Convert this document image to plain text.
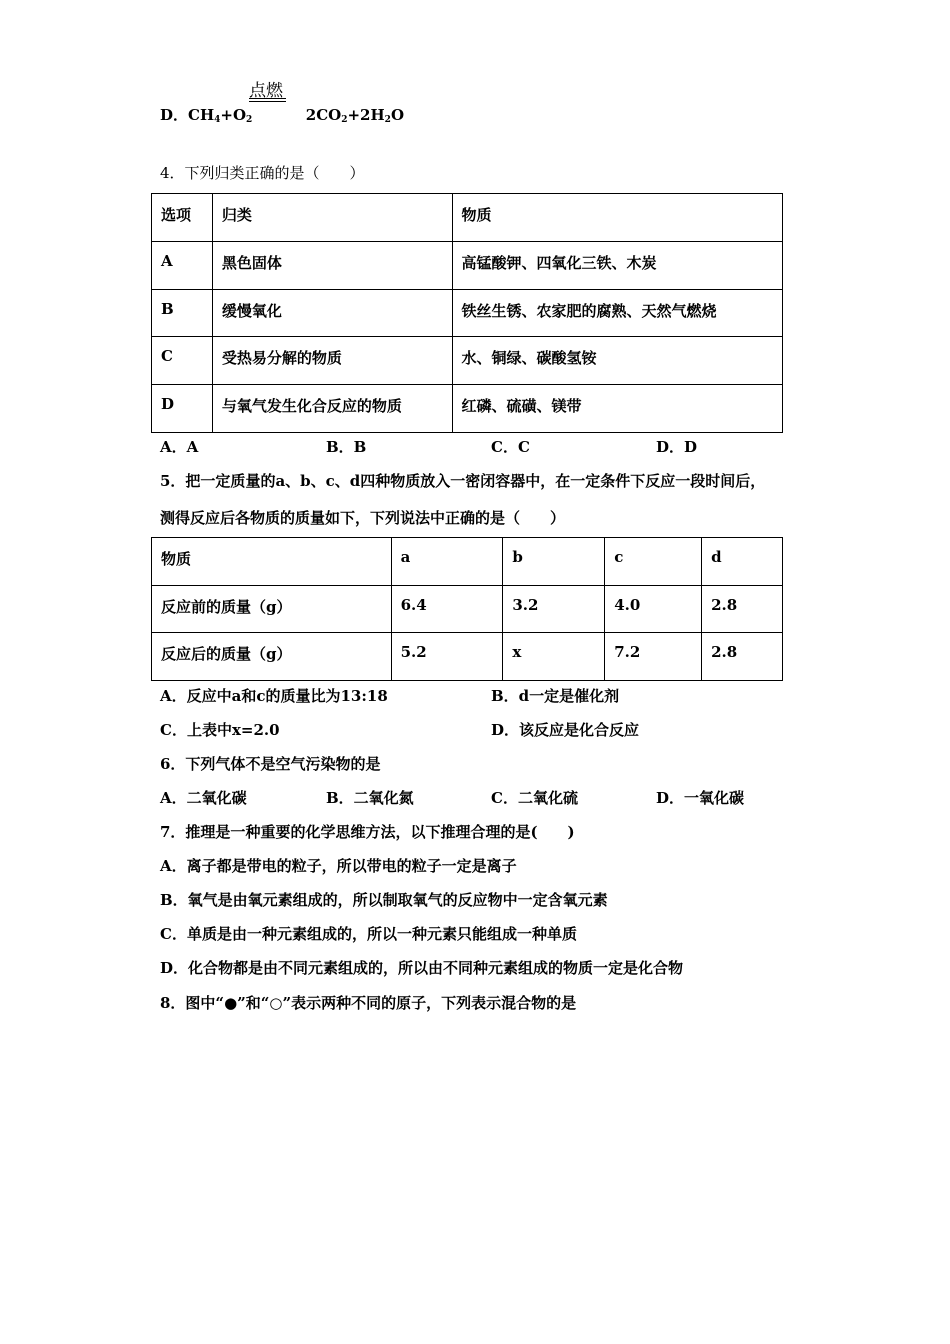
点燃
D．$CH_4+O_2$	$2CO_2+2H_2O$
4．下列归类正确的是（　　）
选项	归类	物质
A	黑色固体	高锰酸钾、四氧化三铁、木炭
B	缓慢氧化	铁丝生锈、农家肥的腐熟、天然气燃烧
C	受热易分解的物质	水、铜绿、碳酸氢铵
D	与氧气发生化合反应的物质	红磷、硫磺、镁带
A．A	B．B	C．C	D．D
5．把一定质量的a、b、c、d四种物质放入一密闭容器中，在一定条件下反应一段时间后，
测得反应后各物质的质量如下，下列说法中正确的是（　　）
物质	a	b	c	d
反应前的质量（g）	6.4	3.2	4.0	2.8
反应后的质量（g）	5.2	x	7.2	2.8
A．反应中a和c的质量比为13:18	B．d一定是催化剂
C．上表中x=2.0	D．该反应是化合反应
6．下列气体不是空气污染物的是
A．二氧化碳	B．二氧化氮	C．二氧化硫	D．一氧化碳
7．推理是一种重要的化学思维方法，以下推理合理的是(　　)
A．离子都是带电的粒子，所以带电的粒子一定是离子
B．氧气是由氧元素组成的，所以制取氧气的反应物中一定含氧元素
C．单质是由一种元素组成的，所以一种元素只能组成一种单质
D．化合物都是由不同元素组成的，所以由不同种元素组成的物质一定是化合物
8．图中“●”和“○”表示两种不同的原子，下列表示混合物的是
